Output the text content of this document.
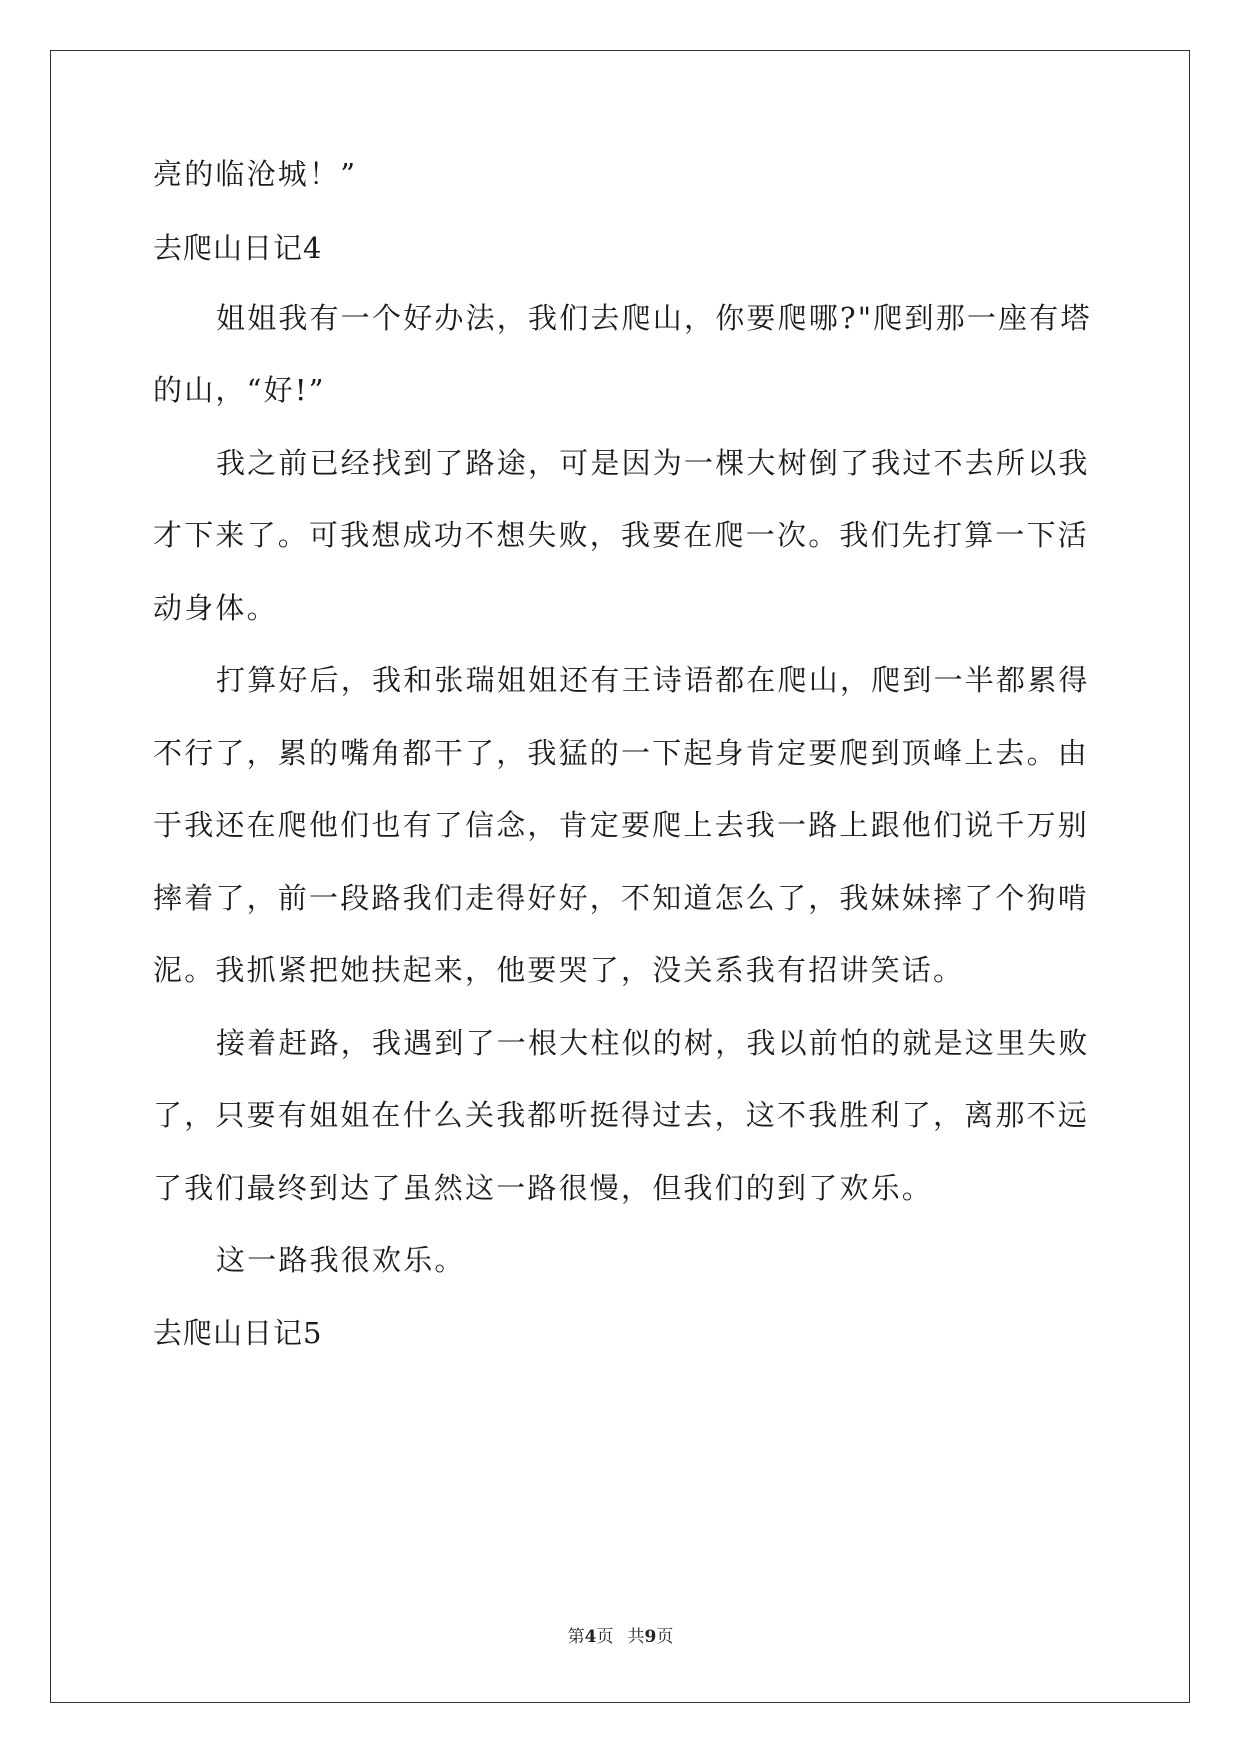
亮的临沧城！”
去爬山日记4
姐姐我有一个好办法，我们去爬山，你要爬哪?"爬到那一座有塔
的山，“好!”
我之前已经找到了路途，可是因为一棵大树倒了我过不去所以我
才下来了。可我想成功不想失败，我要在爬一次。我们先打算一下活
动身体。
打算好后，我和张瑞姐姐还有王诗语都在爬山，爬到一半都累得
不行了，累的嘴角都干了，我猛的一下起身肯定要爬到顶峰上去。由
于我还在爬他们也有了信念，肯定要爬上去我一路上跟他们说千万别
摔着了，前一段路我们走得好好，不知道怎么了，我妹妹摔了个狗啃
泥。我抓紧把她扶起来，他要哭了，没关系我有招讲笑话。
接着赶路，我遇到了一根大柱似的树，我以前怕的就是这里失败
了，只要有姐姐在什么关我都听挺得过去，这不我胜利了，离那不远
了我们最终到达了虽然这一路很慢，但我们的到了欢乐。
这一路我很欢乐。
去爬山日记5
第4页 共9页
